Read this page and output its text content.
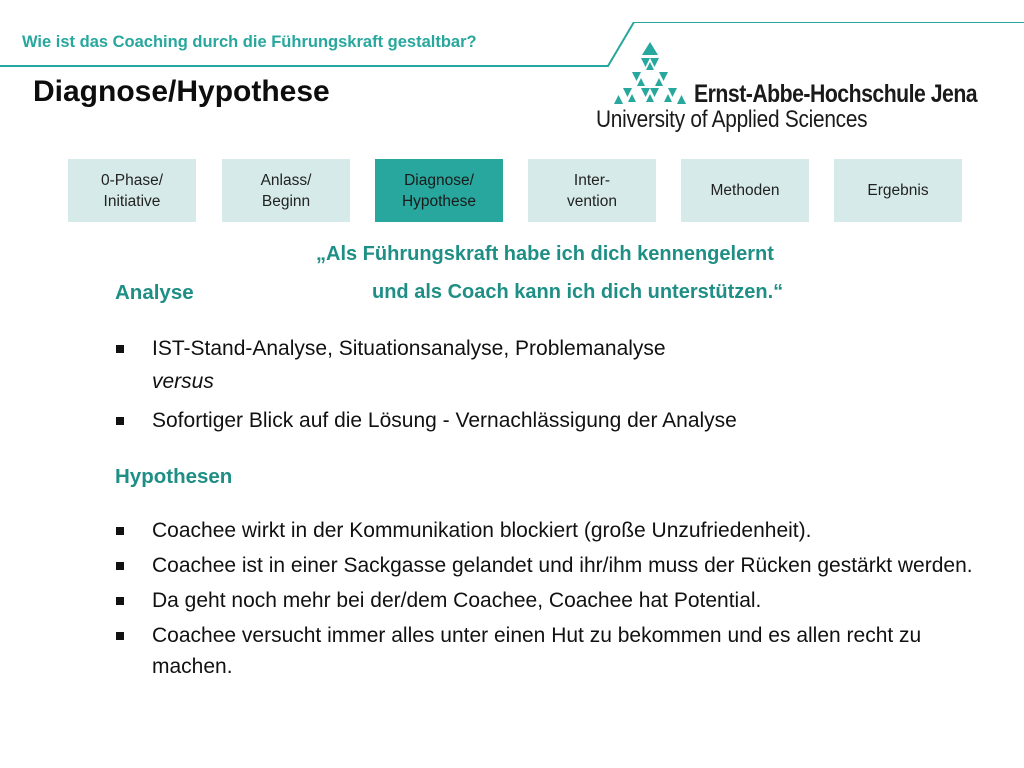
Wie ist das Coaching durch die Führungskraft gestaltbar?
Diagnose/Hypothese	Ernst-Abbe-Hochschule Jena
University of Applied Sciences
0-Phase/
Initiative
Anlass/
Beginn
Diagnose/
Hypothese
Inter-
vention
Methoden	Ergebnis
„Als Führungskraft habe ich dich kennengelernt
und als Coach kann ich dich unterstützen.“
Analyse
IST-Stand-Analyse, Situationsanalyse, Problemanalyse
versus
Sofortiger Blick auf die Lösung - Vernachlässigung der Analyse
Hypothesen
Coachee wirkt in der Kommunikation blockiert (große Unzufriedenheit).
Coachee ist in einer Sackgasse gelandet und ihr/ihm muss der Rücken gestärkt werden.
Da geht noch mehr bei der/dem Coachee, Coachee hat Potential.
Coachee versucht immer alles unter einen Hut zu bekommen und es allen recht zu machen.
